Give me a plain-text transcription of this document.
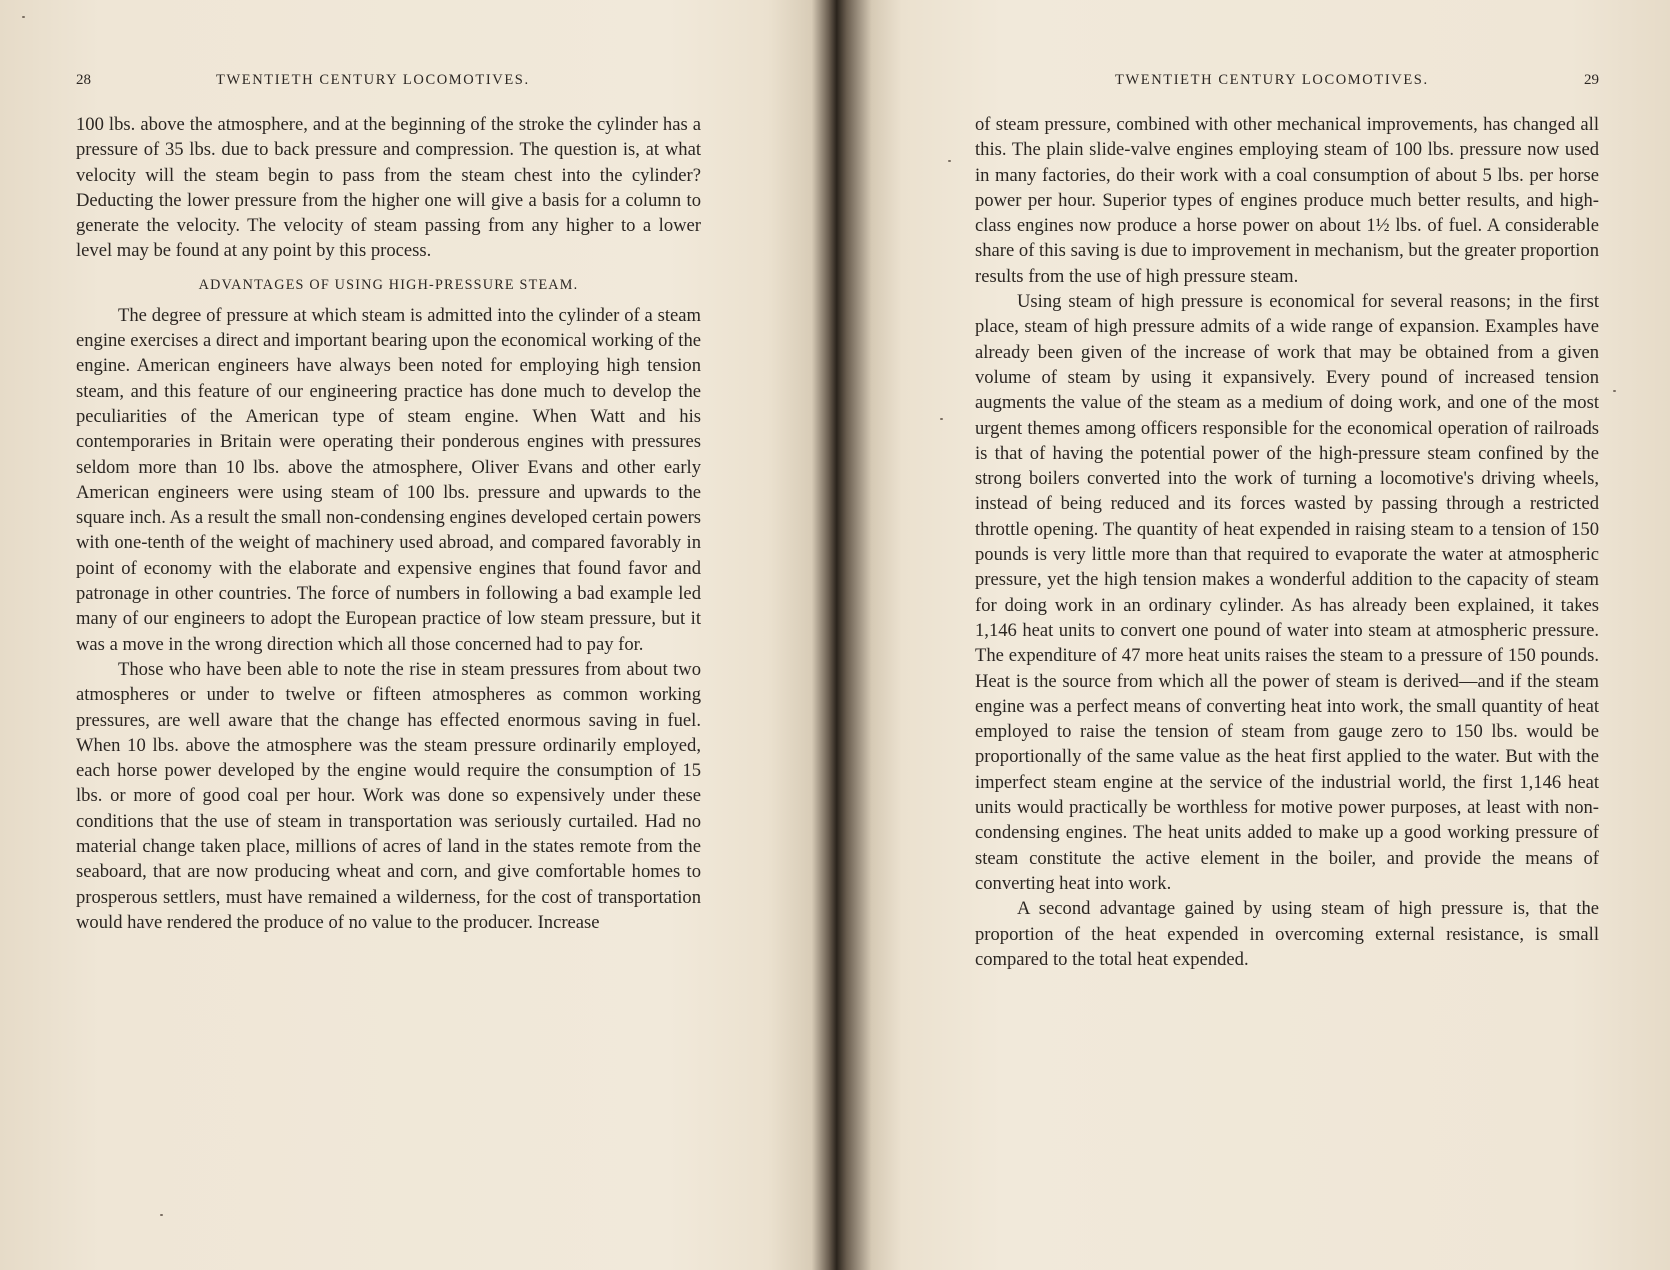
28	TWENTIETH CENTURY LOCOMOTIVES.

100 lbs. above the atmosphere, and at the beginning of the stroke the cylinder has a pressure of 35 lbs. due to back pressure and compression. The question is, at what velocity will the steam begin to pass from the steam chest into the cylinder? Deducting the lower pressure from the higher one will give a basis for a column to generate the velocity. The velocity of steam passing from any higher to a lower level may be found at any point by this process.

ADVANTAGES OF USING HIGH-PRESSURE STEAM.

The degree of pressure at which steam is admitted into the cylinder of a steam engine exercises a direct and important bearing upon the economical working of the engine. American engineers have always been noted for employing high tension steam, and this feature of our engineering practice has done much to develop the peculiarities of the American type of steam engine. When Watt and his contemporaries in Britain were operating their ponderous engines with pressures seldom more than 10 lbs. above the atmosphere, Oliver Evans and other early American engineers were using steam of 100 lbs. pressure and upwards to the square inch. As a result the small non-condensing engines developed certain powers with one-tenth of the weight of machinery used abroad, and compared favorably in point of economy with the elaborate and expensive engines that found favor and patronage in other countries. The force of numbers in following a bad example led many of our engineers to adopt the European practice of low steam pressure, but it was a move in the wrong direction which all those concerned had to pay for.

Those who have been able to note the rise in steam pressures from about two atmospheres or under to twelve or fifteen atmospheres as common working pressures, are well aware that the change has effected enormous saving in fuel. When 10 lbs. above the atmosphere was the steam pressure ordinarily employed, each horse power developed by the engine would require the consumption of 15 lbs. or more of good coal per hour. Work was done so expensively under these conditions that the use of steam in transportation was seriously curtailed. Had no material change taken place, millions of acres of land in the states remote from the seaboard, that are now producing wheat and corn, and give comfortable homes to prosperous settlers, must have remained a wilderness, for the cost of transportation would have rendered the produce of no value to the producer. Increase

TWENTIETH CENTURY LOCOMOTIVES.	29

of steam pressure, combined with other mechanical improvements, has changed all this. The plain slide-valve engines employing steam of 100 lbs. pressure now used in many factories, do their work with a coal consumption of about 5 lbs. per horse power per hour. Superior types of engines produce much better results, and high-class engines now produce a horse power on about 1½ lbs. of fuel. A considerable share of this saving is due to improvement in mechanism, but the greater proportion results from the use of high pressure steam.

Using steam of high pressure is economical for several reasons; in the first place, steam of high pressure admits of a wide range of expansion. Examples have already been given of the increase of work that may be obtained from a given volume of steam by using it expansively. Every pound of increased tension augments the value of the steam as a medium of doing work, and one of the most urgent themes among officers responsible for the economical operation of railroads is that of having the potential power of the high-pressure steam confined by the strong boilers converted into the work of turning a locomotive's driving wheels, instead of being reduced and its forces wasted by passing through a restricted throttle opening. The quantity of heat expended in raising steam to a tension of 150 pounds is very little more than that required to evaporate the water at atmospheric pressure, yet the high tension makes a wonderful addition to the capacity of steam for doing work in an ordinary cylinder. As has already been explained, it takes 1,146 heat units to convert one pound of water into steam at atmospheric pressure. The expenditure of 47 more heat units raises the steam to a pressure of 150 pounds. Heat is the source from which all the power of steam is derived—and if the steam engine was a perfect means of converting heat into work, the small quantity of heat employed to raise the tension of steam from gauge zero to 150 lbs. would be proportionally of the same value as the heat first applied to the water. But with the imperfect steam engine at the service of the industrial world, the first 1,146 heat units would practically be worthless for motive power purposes, at least with non-condensing engines. The heat units added to make up a good working pressure of steam constitute the active element in the boiler, and provide the means of converting heat into work.

A second advantage gained by using steam of high pressure is, that the proportion of the heat expended in overcoming external resistance, is small compared to the total heat expended.
